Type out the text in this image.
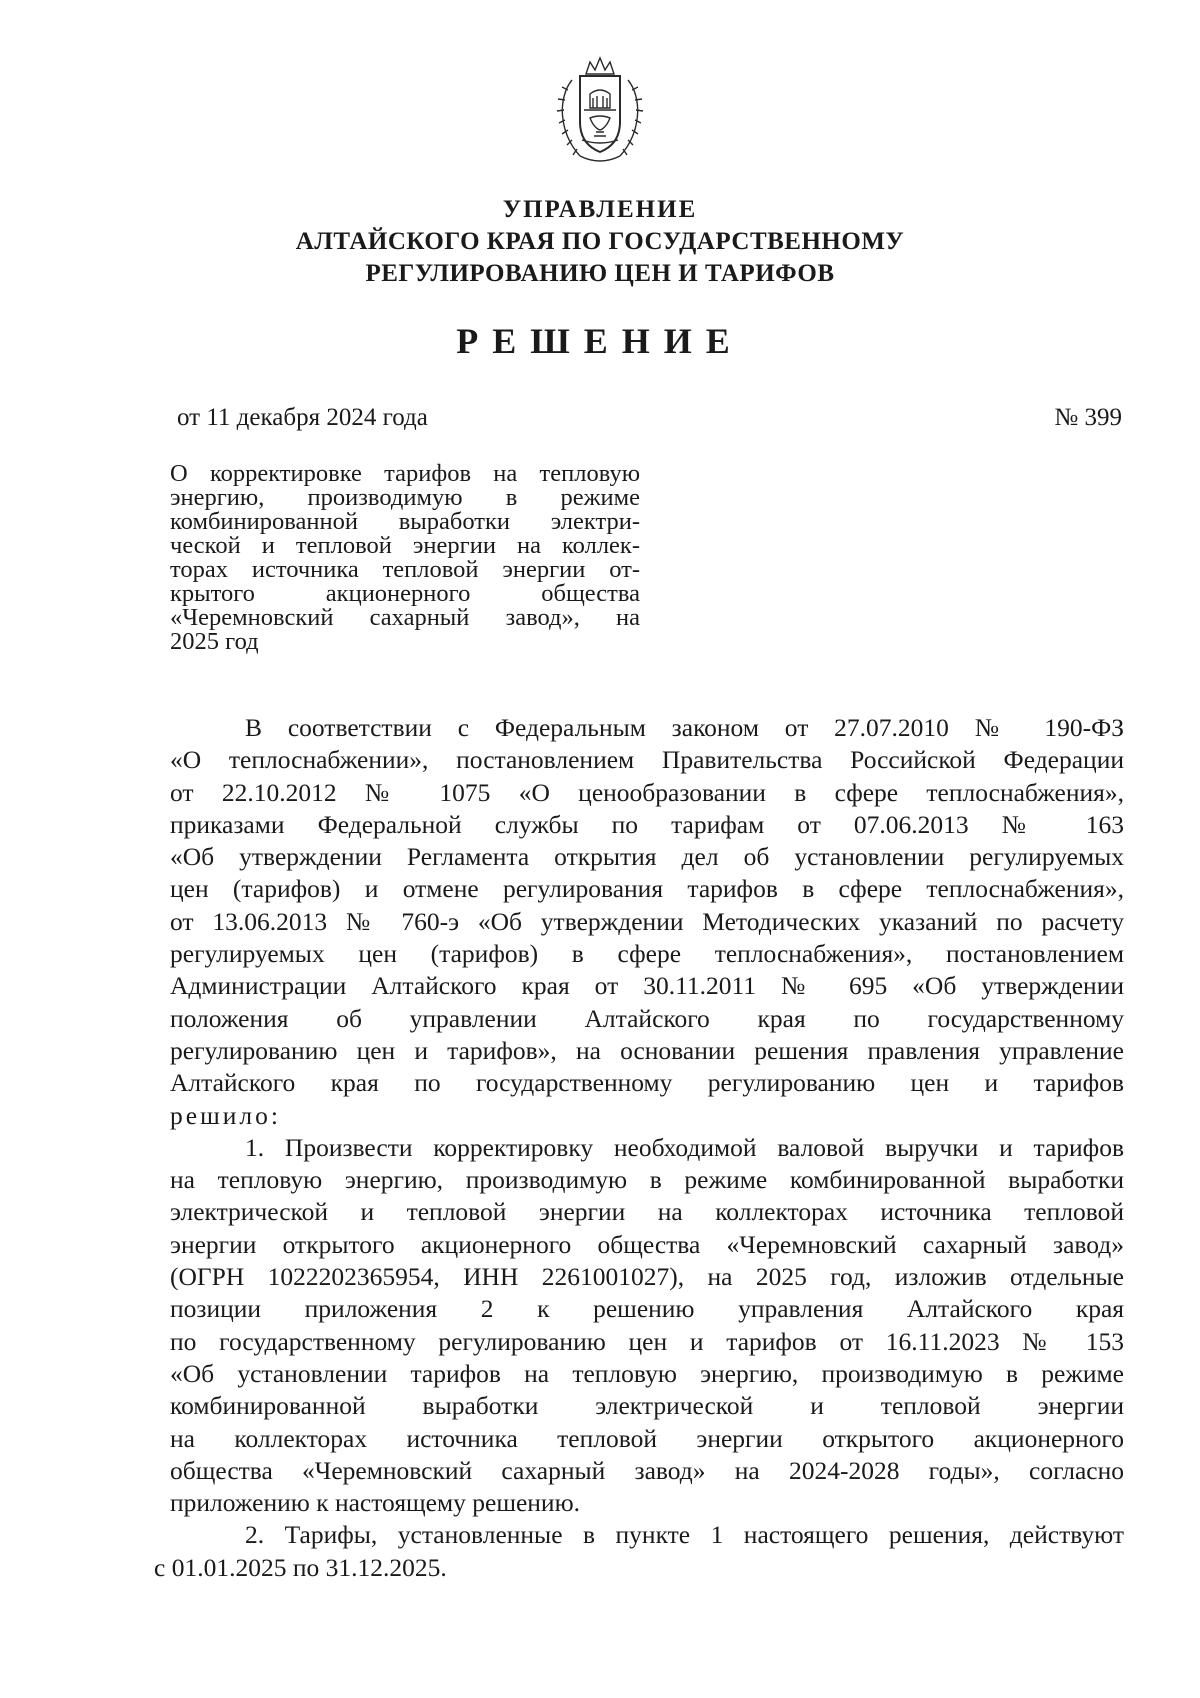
УПРАВЛЕНИЕ
АЛТАЙСКОГО КРАЯ ПО ГОСУДАРСТВЕННОМУ
РЕГУЛИРОВАНИЮ ЦЕН И ТАРИФОВ
РЕШЕНИЕ
от 11 декабря 2024 года	№ 399
О корректировке тарифов на тепловую
энергию, производимую в режиме
комбинированной выработки электри-
ческой и тепловой энергии на коллек-
торах источника тепловой энергии от-
крытого акционерного общества
«Черемновский сахарный завод», на
2025 год
В соответствии с Федеральным законом от 27.07.2010 № 190-ФЗ
«О теплоснабжении», постановлением Правительства Российской Федерации
от 22.10.2012 № 1075 «О ценообразовании в сфере теплоснабжения»,
приказами Федеральной службы по тарифам от 07.06.2013 № 163
«Об утверждении Регламента открытия дел об установлении регулируемых
цен (тарифов) и отмене регулирования тарифов в сфере теплоснабжения»,
от 13.06.2013 № 760-э «Об утверждении Методических указаний по расчету
регулируемых цен (тарифов) в сфере теплоснабжения», постановлением
Администрации Алтайского края от 30.11.2011 № 695 «Об утверждении
положения об управлении Алтайского края по государственному
регулированию цен и тарифов», на основании решения правления управление
Алтайского края по государственному регулированию цен и тарифов
решило:
1. Произвести корректировку необходимой валовой выручки и тарифов
на тепловую энергию, производимую в режиме комбинированной выработки
электрической и тепловой энергии на коллекторах источника тепловой
энергии открытого акционерного общества «Черемновский сахарный завод»
(ОГРН 1022202365954, ИНН 2261001027), на 2025 год, изложив отдельные
позиции приложения 2 к решению управления Алтайского края
по государственному регулированию цен и тарифов от 16.11.2023 № 153
«Об установлении тарифов на тепловую энергию, производимую в режиме
комбинированной выработки электрической и тепловой энергии
на коллекторах источника тепловой энергии открытого акционерного
общества «Черемновский сахарный завод» на 2024-2028 годы», согласно
приложению к настоящему решению.
2. Тарифы, установленные в пункте 1 настоящего решения, действуют
с 01.01.2025 по 31.12.2025.
